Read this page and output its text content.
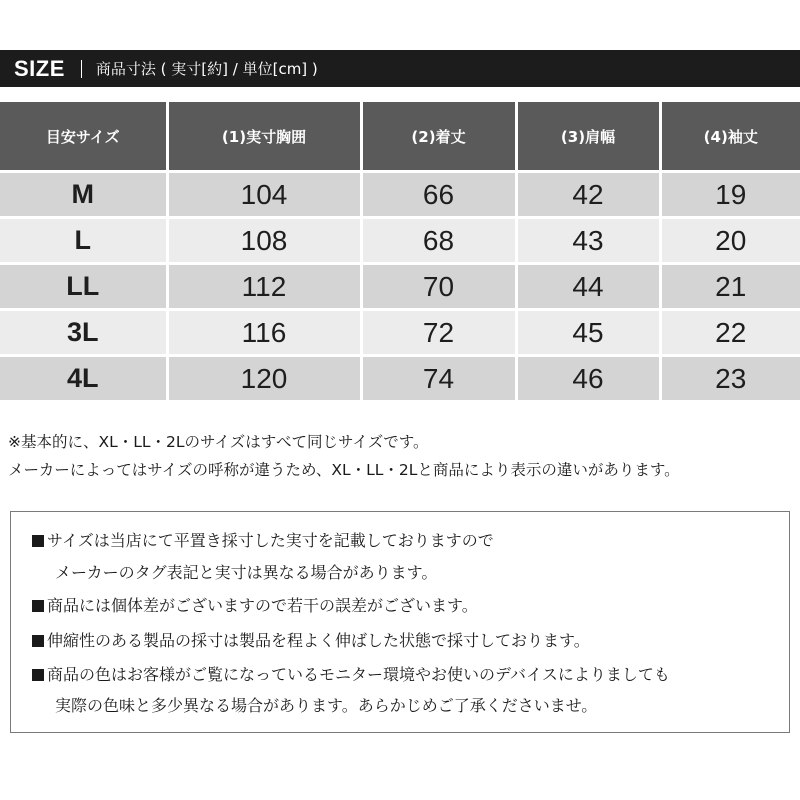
SIZE 商品寸法 ( 実寸[約] / 単位[cm] )
目安サイズ	(1)実寸胸囲	(2)着丈	(3)肩幅	(4)袖丈
M	104	66	42	19
L	108	68	43	20
LL	112	70	44	21
3L	116	72	45	22
4L	120	74	46	23
※基本的に、XL・LL・2Lのサイズはすべて同じサイズです。
メーカーによってはサイズの呼称が違うため、XL・LL・2Lと商品により表示の違いがあります。
サイズは当店にて平置き採寸した実寸を記載しておりますので
メーカーのタグ表記と実寸は異なる場合があります。
商品には個体差がございますので若干の誤差がございます。
伸縮性のある製品の採寸は製品を程よく伸ばした状態で採寸しております。
商品の色はお客様がご覧になっているモニター環境やお使いのデバイスによりましても
実際の色味と多少異なる場合があります。あらかじめご了承くださいませ。
